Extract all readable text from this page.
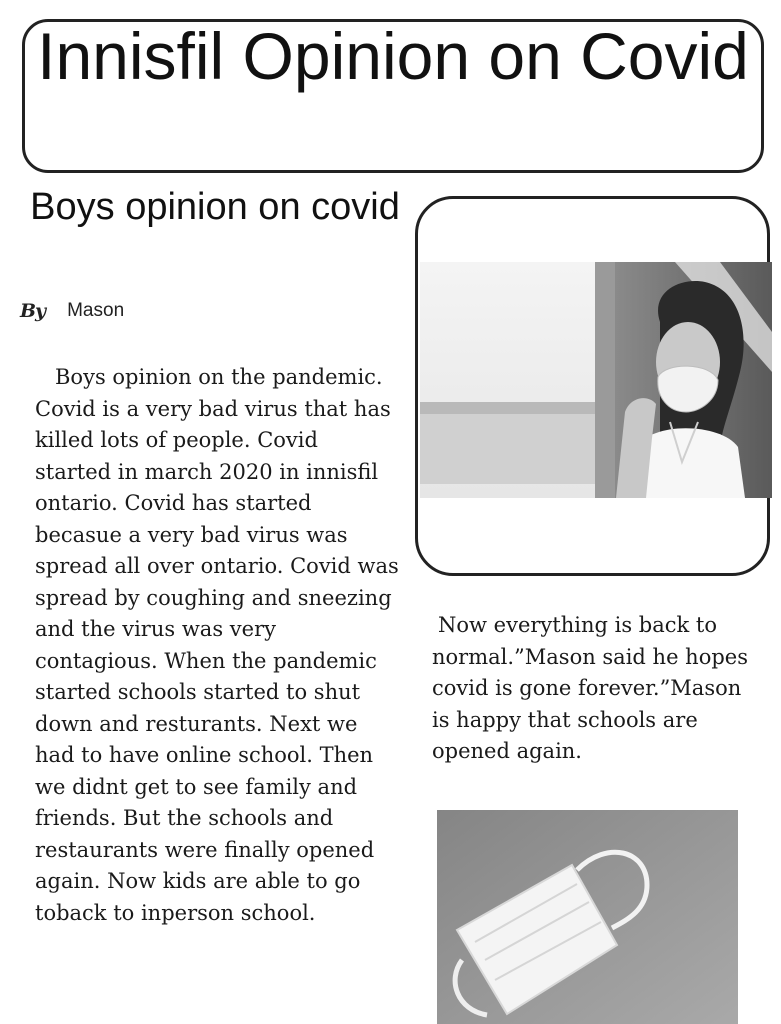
Innisfil Opinion on Covid
Boys opinion on covid
By Mason

Boys opinion on the pandemic. Covid is a very bad virus that has killed lots of people. Covid started in march 2020 in innisfil ontario. Covid has started becasue a very bad virus was spread all over ontario. Covid was spread by coughing and sneezing and the virus was very contagious. When the pandemic started schools started to shut down and resturants. Next we had to have online school. Then we didnt get to see family and friends. But the schools and restaurants were finally opened again. Now kids are able to go toback to inperson school.

Now everything is back to normal.”Mason said he hopes covid is gone forever.”Mason is happy that schools are opened again.
